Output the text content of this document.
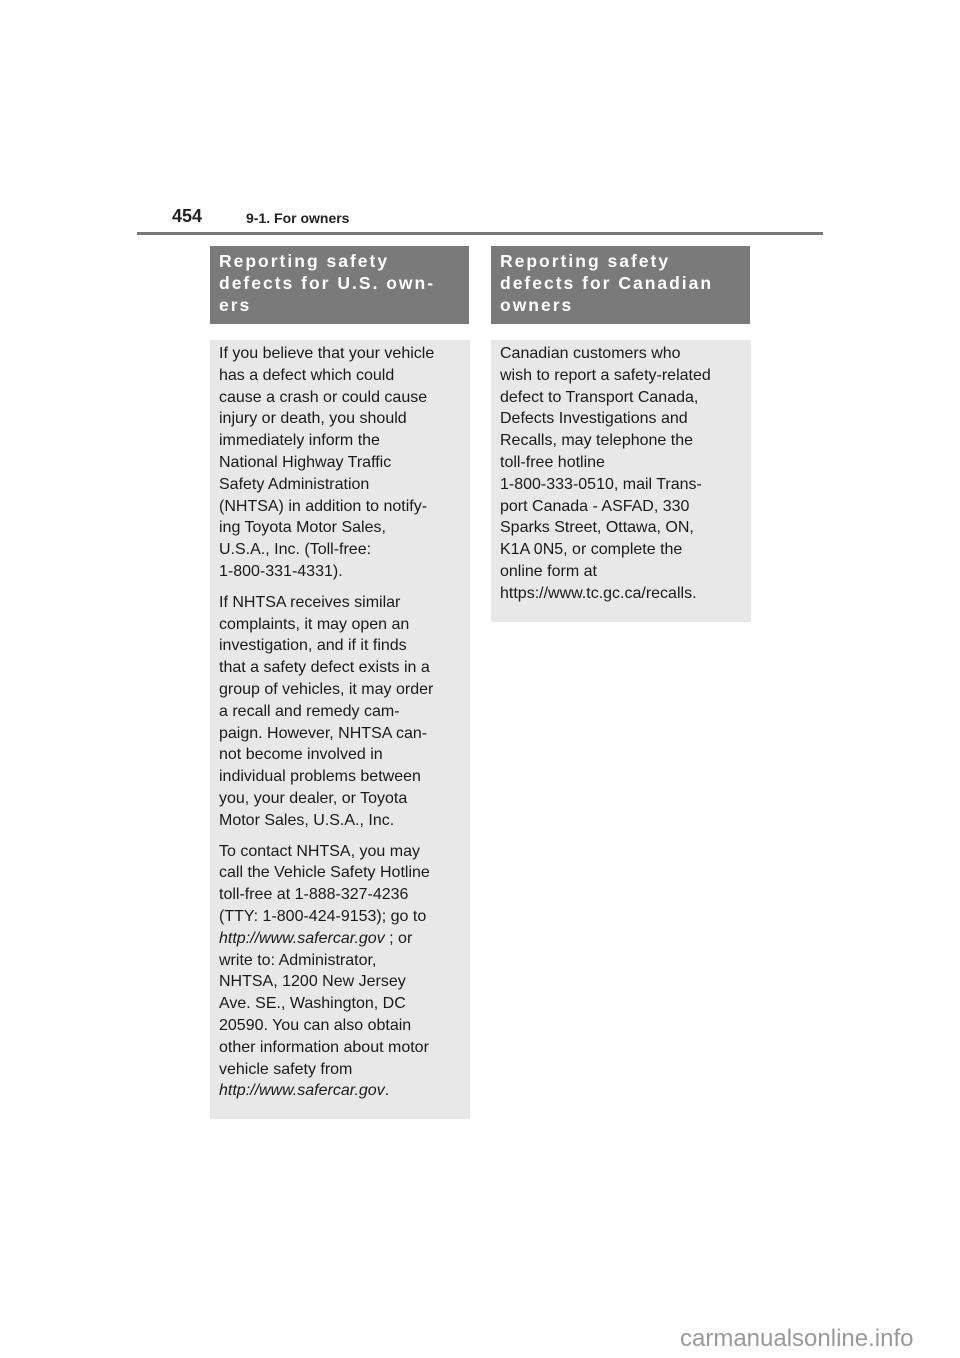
454	9-1. For owners
Reporting safety
defects for U.S. own-
ers

If you believe that your vehicle
has a defect which could
cause a crash or could cause
injury or death, you should
immediately inform the
National Highway Traffic
Safety Administration
(NHTSA) in addition to notify-
ing Toyota Motor Sales,
U.S.A., Inc. (Toll-free:
1-800-331-4331).

If NHTSA receives similar
complaints, it may open an
investigation, and if it finds
that a safety defect exists in a
group of vehicles, it may order
a recall and remedy cam-
paign. However, NHTSA can-
not become involved in
individual problems between
you, your dealer, or Toyota
Motor Sales, U.S.A., Inc.

To contact NHTSA, you may
call the Vehicle Safety Hotline
toll-free at 1-888-327-4236
(TTY: 1-800-424-9153); go to
http://www.safercar.gov ; or
write to: Administrator,
NHTSA, 1200 New Jersey
Ave. SE., Washington, DC
20590. You can also obtain
other information about motor
vehicle safety from
http://www.safercar.gov.

Reporting safety
defects for Canadian
owners

Canadian customers who
wish to report a safety-related
defect to Transport Canada,
Defects Investigations and
Recalls, may telephone the
toll-free hotline
1-800-333-0510, mail Trans-
port Canada - ASFAD, 330
Sparks Street, Ottawa, ON,
K1A 0N5, or complete the
online form at
https://www.tc.gc.ca/recalls.

carmanualsonline.info
